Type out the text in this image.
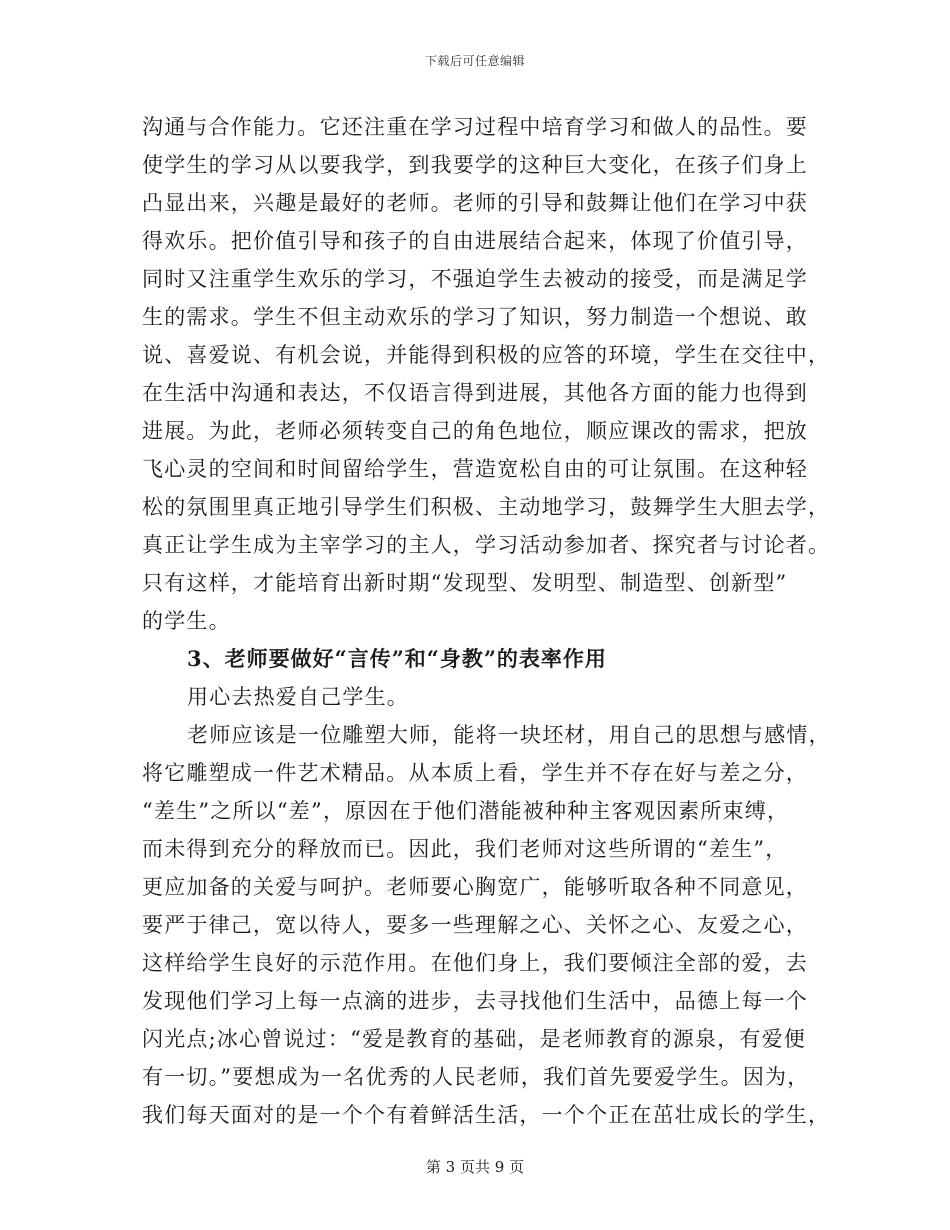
下载后可任意编辑
沟通与合作能力。它还注重在学习过程中培育学习和做人的品性。要
使学生的学习从以要我学，到我要学的这种巨大变化，在孩子们身上
凸显出来，兴趣是最好的老师。老师的引导和鼓舞让他们在学习中获
得欢乐。把价值引导和孩子的自由进展结合起来，体现了价值引导，
同时又注重学生欢乐的学习，不强迫学生去被动的接受，而是满足学
生的需求。学生不但主动欢乐的学习了知识，努力制造一个想说、敢
说、喜爱说、有机会说，并能得到积极的应答的环境，学生在交往中，
在生活中沟通和表达，不仅语言得到进展，其他各方面的能力也得到
进展。为此，老师必须转变自己的角色地位，顺应课改的需求，把放
飞心灵的空间和时间留给学生，营造宽松自由的可让氛围。在这种轻
松的氛围里真正地引导学生们积极、主动地学习，鼓舞学生大胆去学，
真正让学生成为主宰学习的主人，学习活动参加者、探究者与讨论者。
只有这样，才能培育出新时期“发现型、发明型、制造型、创新型”
的学生。
3、老师要做好“言传”和“身教”的表率作用
用心去热爱自己学生。
老师应该是一位雕塑大师，能将一块坯材，用自己的思想与感情，
将它雕塑成一件艺术精品。从本质上看，学生并不存在好与差之分，
“差生”之所以“差”，原因在于他们潜能被种种主客观因素所束缚，
而未得到充分的释放而已。因此，我们老师对这些所谓的“差生”，
更应加备的关爱与呵护。老师要心胸宽广，能够听取各种不同意见，
要严于律己，宽以待人，要多一些理解之心、关怀之心、友爱之心，
这样给学生良好的示范作用。在他们身上，我们要倾注全部的爱，去
发现他们学习上每一点滴的进步，去寻找他们生活中，品德上每一个
闪光点;冰心曾说过：“爱是教育的基础，是老师教育的源泉，有爱便
有一切。”要想成为一名优秀的人民老师，我们首先要爱学生。因为，
我们每天面对的是一个个有着鲜活生活，一个个正在茁壮成长的学生，
第 3 页共 9 页
